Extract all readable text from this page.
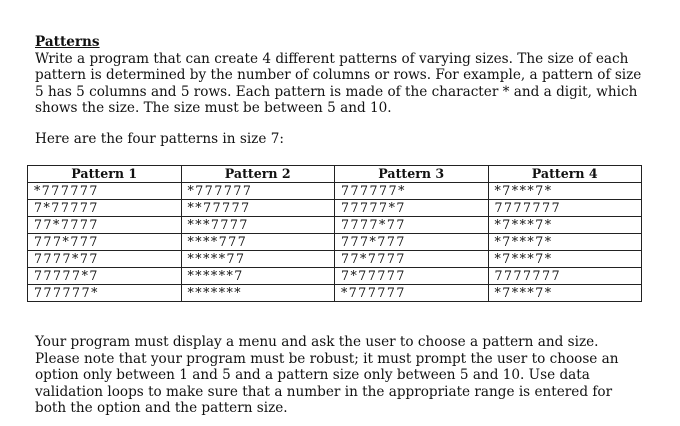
Patterns

Write a program that can create 4 different patterns of varying sizes. The size of each pattern is determined by the number of columns or rows. For example, a pattern of size 5 has 5 columns and 5 rows. Each pattern is made of the character * and a digit, which shows the size. The size must be between 5 and 10.

Here are the four patterns in size 7:

Pattern 1	Pattern 2	Pattern 3	Pattern 4
*777777	*777777	777777*	*7***7*
7*77777	**77777	77777*7	7777777
77*7777	***7777	7777*77	*7***7*
777*777	****777	777*777	*7***7*
7777*77	*****77	77*7777	*7***7*
77777*7	******7	7*77777	7777777
777777*	*******	*777777	*7***7*

Your program must display a menu and ask the user to choose a pattern and size. Please note that your program must be robust; it must prompt the user to choose an option only between 1 and 5 and a pattern size only between 5 and 10. Use data validation loops to make sure that a number in the appropriate range is entered for both the option and the pattern size.
